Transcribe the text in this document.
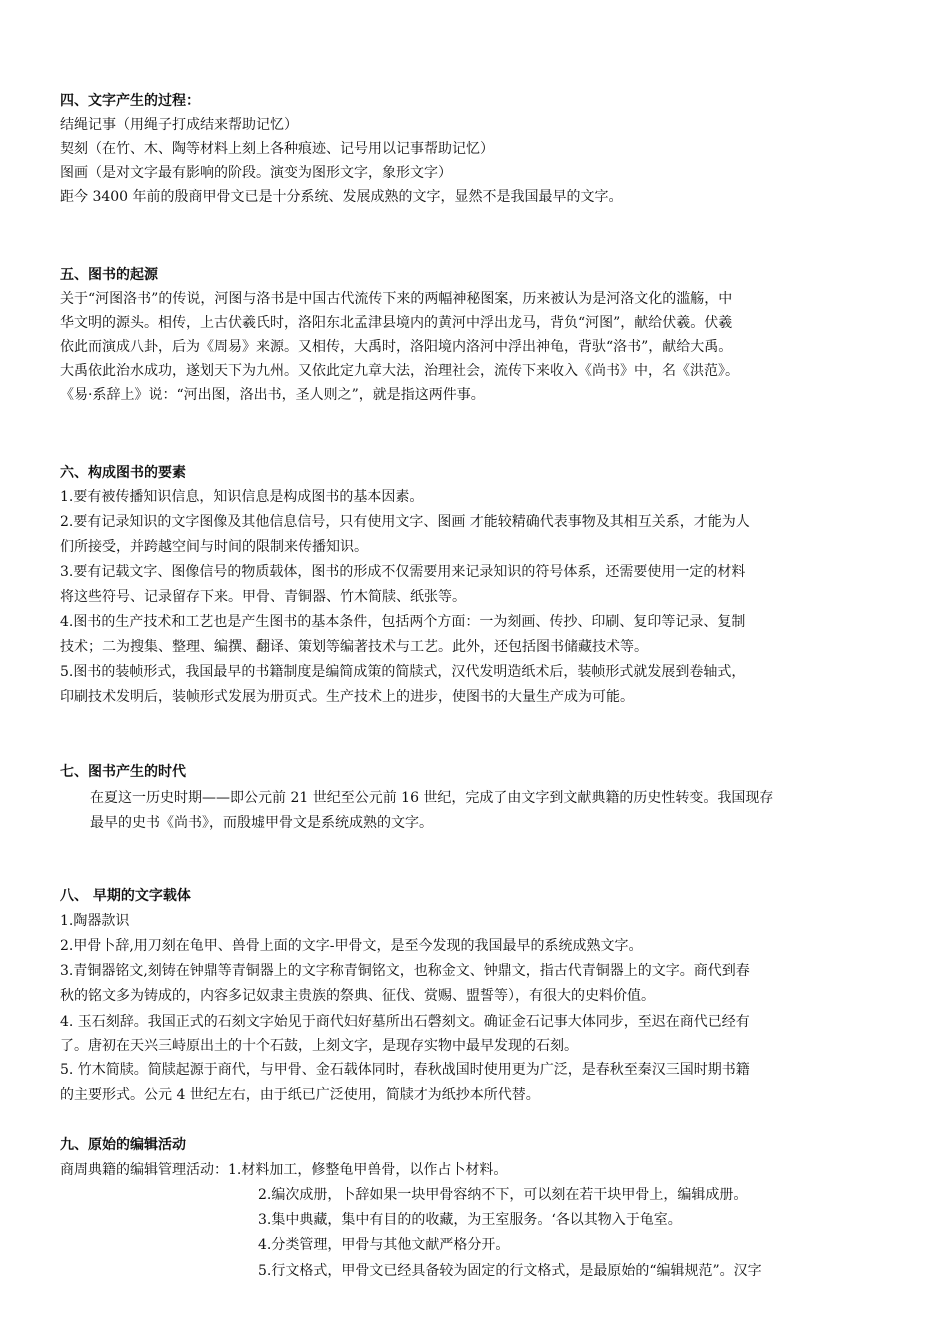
四、文字产生的过程：
结绳记事（用绳子打成结来帮助记忆）
契刻（在竹、木、陶等材料上刻上各种痕迹、记号用以记事帮助记忆）
图画（是对文字最有影响的阶段。演变为图形文字，象形文字）
距今 3400 年前的殷商甲骨文已是十分系统、发展成熟的文字，显然不是我国最早的文字。
五、图书的起源
关于“河图洛书”的传说，河图与洛书是中国古代流传下来的两幅神秘图案，历来被认为是河洛文化的滥觞，中
华文明的源头。相传，上古伏羲氏时，洛阳东北孟津县境内的黄河中浮出龙马，背负“河图”，献给伏羲。伏羲
依此而演成八卦，后为《周易》来源。又相传，大禹时，洛阳境内洛河中浮出神龟，背驮“洛书”，献给大禹。
大禹依此治水成功，遂划天下为九州。又依此定九章大法，治理社会，流传下来收入《尚书》中，名《洪范》。
《易·系辞上》说：“河出图，洛出书，圣人则之”，就是指这两件事。
六、构成图书的要素
1.要有被传播知识信息，知识信息是构成图书的基本因素。
2.要有记录知识的文字图像及其他信息信号，只有使用文字、图画 才能较精确代表事物及其相互关系，才能为人
们所接受，并跨越空间与时间的限制来传播知识。
3.要有记载文字、图像信号的物质载体，图书的形成不仅需要用来记录知识的符号体系，还需要使用一定的材料
将这些符号、记录留存下来。甲骨、青铜器、竹木简牍、纸张等。
4.图书的生产技术和工艺也是产生图书的基本条件，包括两个方面：一为刻画、传抄、印刷、复印等记录、复制
技术；二为搜集、整理、编撰、翻译、策划等编著技术与工艺。此外，还包括图书储藏技术等。
5.图书的装帧形式，我国最早的书籍制度是编简成策的简牍式，汉代发明造纸术后，装帧形式就发展到卷轴式，
印刷技术发明后，装帧形式发展为册页式。生产技术上的进步，使图书的大量生产成为可能。
七、图书产生的时代
在夏这一历史时期——即公元前 21 世纪至公元前 16 世纪，完成了由文字到文献典籍的历史性转变。我国现存
最早的史书《尚书》，而殷墟甲骨文是系统成熟的文字。
八、 早期的文字载体
1.陶器款识
2.甲骨卜辞,用刀刻在龟甲、兽骨上面的文字-甲骨文，是至今发现的我国最早的系统成熟文字。
3.青铜器铭文,刻铸在钟鼎等青铜器上的文字称青铜铭文，也称金文、钟鼎文，指古代青铜器上的文字。商代到春
秋的铭文多为铸成的，内容多记奴隶主贵族的祭典、征伐、赏赐、盟誓等），有很大的史料价值。
4. 玉石刻辞。我国正式的石刻文字始见于商代妇好墓所出石磬刻文。确证金石记事大体同步，至迟在商代已经有
了。唐初在天兴三峙原出土的十个石鼓，上刻文字，是现存实物中最早发现的石刻。
5. 竹木简牍。简牍起源于商代，与甲骨、金石载体同时，春秋战国时使用更为广泛，是春秋至秦汉三国时期书籍
的主要形式。公元 4 世纪左右，由于纸已广泛使用，简牍才为纸抄本所代替。
九、原始的编辑活动
商周典籍的编辑管理活动：1.材料加工，修整龟甲兽骨，以作占卜材料。
2.编次成册，卜辞如果一块甲骨容纳不下，可以刻在若干块甲骨上，编辑成册。
3.集中典藏，集中有目的的收藏，为王室服务。‘各以其物入于龟室。
4.分类管理，甲骨与其他文献严格分开。
5.行文格式，甲骨文已经具备较为固定的行文格式，是最原始的“编辑规范”。汉字
